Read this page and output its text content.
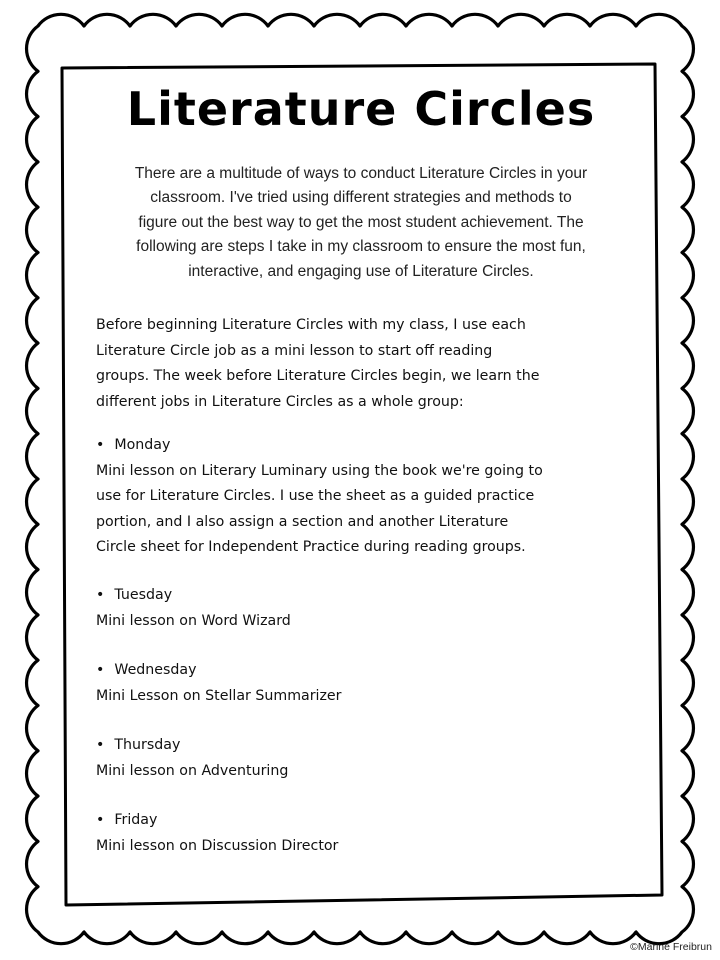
Literature Circles
There are a multitude of ways to conduct Literature Circles in your
classroom. I've tried using different strategies and methods to
figure out the best way to get the most student achievement. The
following are steps I take in my classroom to ensure the most fun,
interactive, and engaging use of Literature Circles.
Before beginning Literature Circles with my class, I use each
Literature Circle job as a mini lesson to start off reading
groups. The week before Literature Circles begin, we learn the
different jobs in Literature Circles as a whole group:
• Monday
Mini lesson on Literary Luminary using the book we're going to
use for Literature Circles. I use the sheet as a guided practice
portion, and I also assign a section and another Literature
Circle sheet for Independent Practice during reading groups.
• Tuesday
Mini lesson on Word Wizard
• Wednesday
Mini Lesson on Stellar Summarizer
• Thursday
Mini lesson on Adventuring
• Friday
Mini lesson on Discussion Director
©Marine Freibrun
